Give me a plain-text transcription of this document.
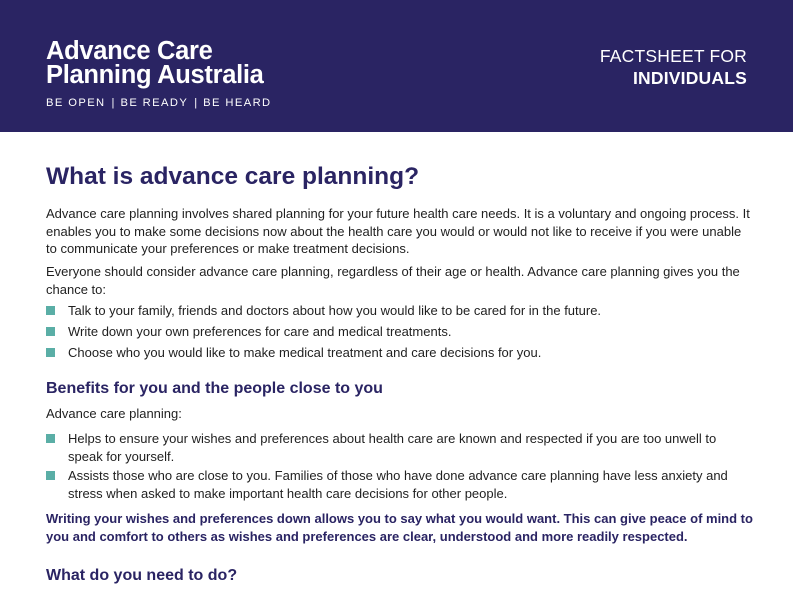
Advance Care
Planning Australia
BE OPEN | BE READY | BE HEARD
FACTSHEET FOR
INDIVIDUALS
What is advance care planning?

Advance care planning involves shared planning for your future health care needs. It is a voluntary and ongoing process. It enables you to make some decisions now about the health care you would or would not like to receive if you were unable to communicate your preferences or make treatment decisions.

Everyone should consider advance care planning, regardless of their age or health. Advance care planning gives you the chance to:

Talk to your family, friends and doctors about how you would like to be cared for in the future.
Write down your own preferences for care and medical treatments.
Choose who you would like to make medical treatment and care decisions for you.
Benefits for you and the people close to you

Advance care planning:

Helps to ensure your wishes and preferences about health care are known and respected if you are too unwell to speak for yourself.
Assists those who are close to you. Families of those who have done advance care planning have less anxiety and stress when asked to make important health care decisions for other people.

Writing your wishes and preferences down allows you to say what you would want. This can give peace of mind to you and comfort to others as wishes and preferences are clear, understood and more readily respected.

What do you need to do?
